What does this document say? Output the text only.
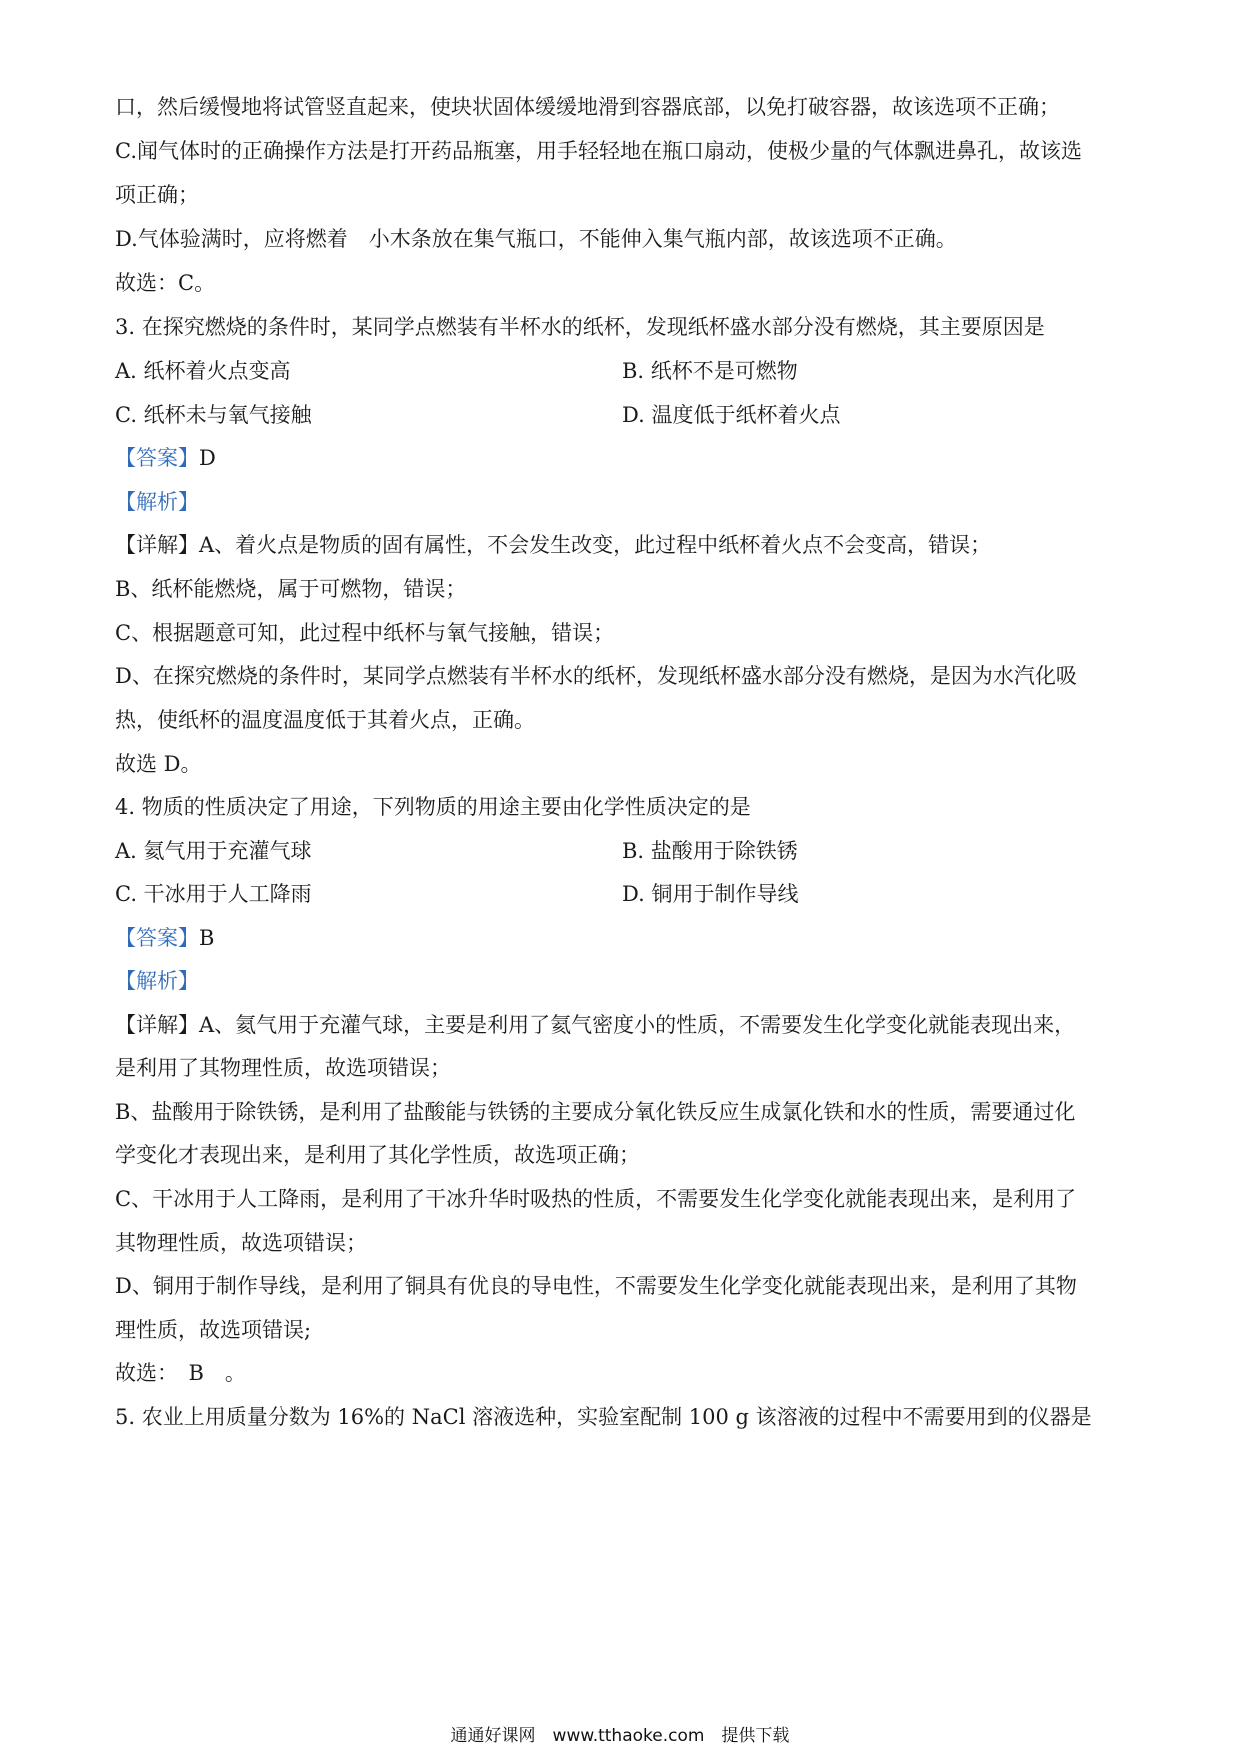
口，然后缓慢地将试管竖直起来，使块状固体缓缓地滑到容器底部，以免打破容器，故该选项不正确；
C.闻气体时的正确操作方法是打开药品瓶塞，用手轻轻地在瓶口扇动，使极少量的气体飘进鼻孔，故该选
项正确；
D.气体验满时，应将燃着　小木条放在集气瓶口，不能伸入集气瓶内部，故该选项不正确。
故选：C。
3. 在探究燃烧的条件时，某同学点燃装有半杯水的纸杯，发现纸杯盛水部分没有燃烧，其主要原因是
A. 纸杯着火点变高	B. 纸杯不是可燃物
C. 纸杯未与氧气接触	D. 温度低于纸杯着火点
【答案】D
【解析】
【详解】A、着火点是物质的固有属性，不会发生改变，此过程中纸杯着火点不会变高，错误；
B、纸杯能燃烧，属于可燃物，错误；
C、根据题意可知，此过程中纸杯与氧气接触，错误；
D、在探究燃烧的条件时，某同学点燃装有半杯水的纸杯，发现纸杯盛水部分没有燃烧，是因为水汽化吸
热，使纸杯的温度温度低于其着火点，正确。
故选 D。
4. 物质的性质决定了用途，下列物质的用途主要由化学性质决定的是
A. 氦气用于充灌气球	B. 盐酸用于除铁锈
C. 干冰用于人工降雨	D. 铜用于制作导线
【答案】B
【解析】
【详解】A、氦气用于充灌气球，主要是利用了氦气密度小的性质，不需要发生化学变化就能表现出来，
是利用了其物理性质，故选项错误；
B、盐酸用于除铁锈，是利用了盐酸能与铁锈的主要成分氧化铁反应生成氯化铁和水的性质，需要通过化
学变化才表现出来，是利用了其化学性质，故选项正确；
C、干冰用于人工降雨，是利用了干冰升华时吸热的性质，不需要发生化学变化就能表现出来，是利用了
其物理性质，故选项错误；
D、铜用于制作导线，是利用了铜具有优良的导电性，不需要发生化学变化就能表现出来，是利用了其物
理性质，故选项错误;
故选：　B　。
5. 农业上用质量分数为 16%的 NaCl 溶液选种，实验室配制 100 g 该溶液的过程中不需要用到的仪器是
通通好课网　www.tthaoke.com　提供下载
